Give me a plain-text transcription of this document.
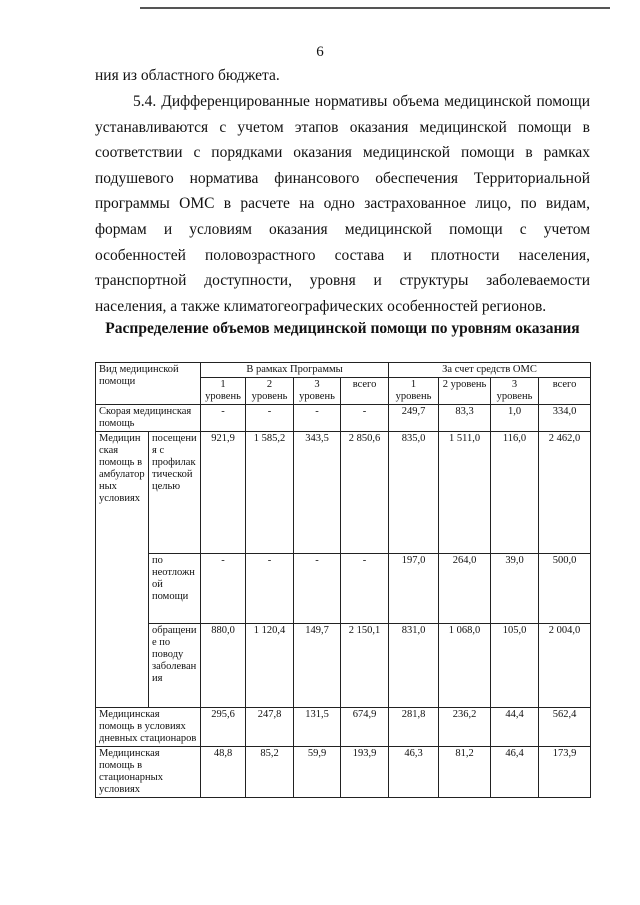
6
ния из областного бюджета.
5.4. Дифференцированные нормативы объема медицинской помощи устанавливаются с учетом этапов оказания медицинской помощи в соответствии с порядками оказания медицинской помощи в рамках подушевого норматива финансового обеспечения Территориальной программы ОМС в расчете на одно застрахованное лицо, по видам, формам и условиям оказания медицинской помощи с учетом особенностей половозрастного состава и плотности населения, транспортной доступности, уровня и структуры заболеваемости населения, а также климатогеографических особенностей регионов.
Распределение объемов медицинской помощи по уровням оказания
Вид медицинской помощи		В рамках Программы				За счет средств ОМС			
		1 уровень	2 уровень	3 уровень	всего	1 уровень	2 уровень	3 уровень	всего
Скорая медицинская помощь		-	-	-	-	249,7	83,3	1,0	334,0
Медицинская помощь в амбулаторных условиях	посещения с профилактической целью	921,9	1 585,2	343,5	2 850,6	835,0	1 511,0	116,0	2 462,0
	по неотложной помощи	-	-	-	-	197,0	264,0	39,0	500,0
	обращение по поводу заболевания	880,0	1 120,4	149,7	2 150,1	831,0	1 068,0	105,0	2 004,0
Медицинская помощь в условиях дневных стационаров		295,6	247,8	131,5	674,9	281,8	236,2	44,4	562,4
Медицинская помощь в стационарных условиях		48,8	85,2	59,9	193,9	46,3	81,2	46,4	173,9
